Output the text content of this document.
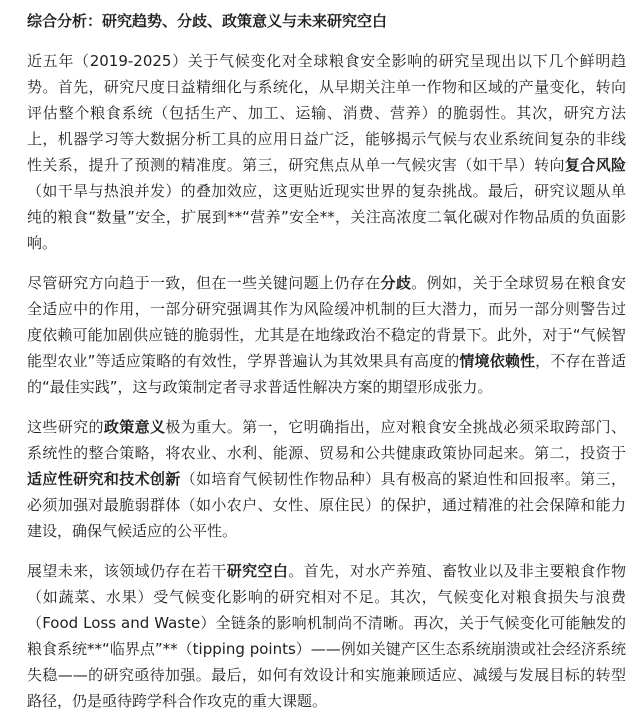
综合分析：研究趋势、分歧、政策意义与未来研究空白

近五年（2019-2025）关于气候变化对全球粮食安全影响的研究呈现出以下几个鲜明趋势。首先，研究尺度日益精细化与系统化，从早期关注单一作物和区域的产量变化，转向评估整个粮食系统（包括生产、加工、运输、消费、营养）的脆弱性。其次，研究方法上，机器学习等大数据分析工具的应用日益广泛，能够揭示气候与农业系统间复杂的非线性关系，提升了预测的精准度。第三，研究焦点从单一气候灾害（如干旱）转向复合风险（如干旱与热浪并发）的叠加效应，这更贴近现实世界的复杂挑战。最后，研究议题从单纯的粮食“数量”安全，扩展到**“营养”安全**，关注高浓度二氧化碳对作物品质的负面影响。

尽管研究方向趋于一致，但在一些关键问题上仍存在分歧。例如，关于全球贸易在粮食安全适应中的作用，一部分研究强调其作为风险缓冲机制的巨大潜力，而另一部分则警告过度依赖可能加剧供应链的脆弱性，尤其是在地缘政治不稳定的背景下。此外，对于“气候智能型农业”等适应策略的有效性，学界普遍认为其效果具有高度的情境依赖性，不存在普适的“最佳实践”，这与政策制定者寻求普适性解决方案的期望形成张力。

这些研究的政策意义极为重大。第一，它明确指出，应对粮食安全挑战必须采取跨部门、系统性的整合策略，将农业、水利、能源、贸易和公共健康政策协同起来。第二，投资于适应性研究和技术创新（如培育气候韧性作物品种）具有极高的紧迫性和回报率。第三，必须加强对最脆弱群体（如小农户、女性、原住民）的保护，通过精准的社会保障和能力建设，确保气候适应的公平性。

展望未来，该领域仍存在若干研究空白。首先，对水产养殖、畜牧业以及非主要粮食作物（如蔬菜、水果）受气候变化影响的研究相对不足。其次，气候变化对粮食损失与浪费（Food Loss and Waste）全链条的影响机制尚不清晰。再次，关于气候变化可能触发的粮食系统**“临界点”**（tipping points）——例如关键产区生态系统崩溃或社会经济系统失稳——的研究亟待加强。最后，如何有效设计和实施兼顾适应、减缓与发展目标的转型路径，仍是亟待跨学科合作攻克的重大课题。
